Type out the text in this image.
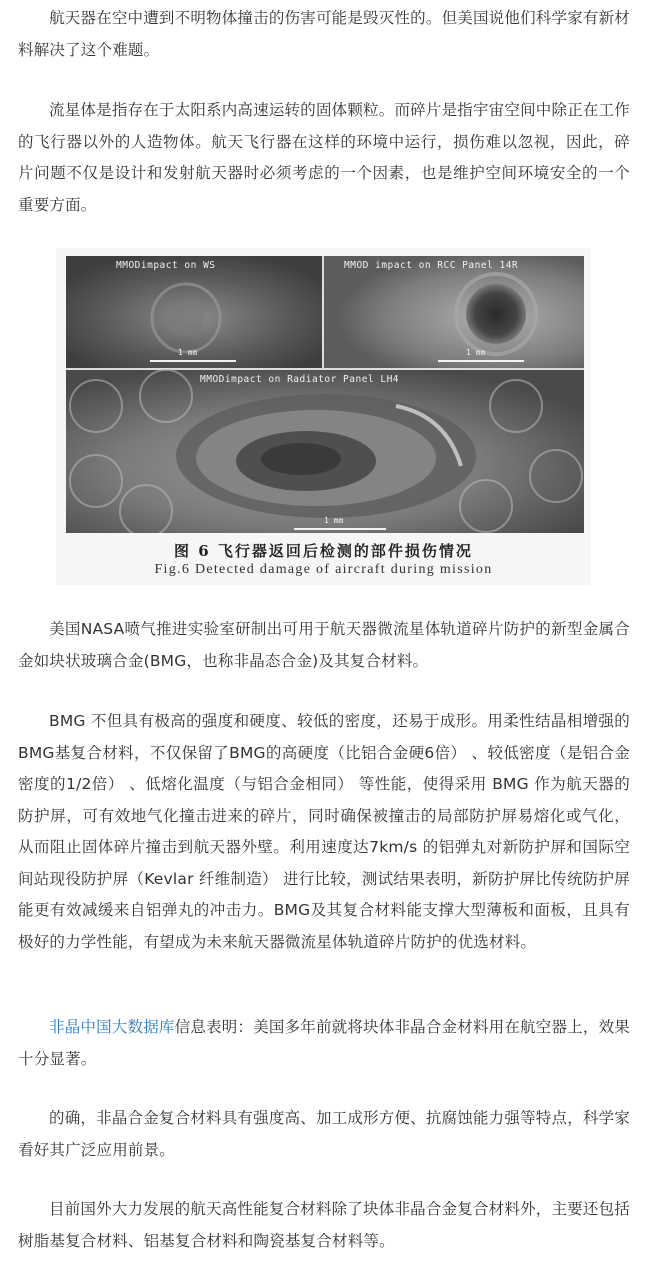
航天器在空中遭到不明物体撞击的伤害可能是毁灭性的。但美国说他们科学家有新材料解决了这个难题。

流星体是指存在于太阳系内高速运转的固体颗粒。而碎片是指宇宙空间中除正在工作的飞行器以外的人造物体。航天飞行器在这样的环境中运行，损伤难以忽视，因此，碎片问题不仅是设计和发射航天器时必须考虑的一个因素，也是维护空间环境安全的一个重要方面。

MMODimpact on WS	MMOD impact on RCC Panel 14R
MMODimpact on Radiator Panel LH4
1 mm	1 mm
1 mm
图 6 飞行器返回后检测的部件损伤情况
Fig.6 Detected damage of aircraft during mission

美国NASA喷气推进实验室研制出可用于航天器微流星体轨道碎片防护的新型金属合金如块状玻璃合金(BMG，也称非晶态合金)及其复合材料。

BMG 不但具有极高的强度和硬度、较低的密度，还易于成形。用柔性结晶相增强的BMG基复合材料，不仅保留了BMG的高硬度（比铝合金硬6倍） 、较低密度（是铝合金密度的1/2倍） 、低熔化温度（与铝合金相同） 等性能，使得采用 BMG 作为航天器的防护屏，可有效地气化撞击进来的碎片，同时确保被撞击的局部防护屏易熔化或气化，从而阻止固体碎片撞击到航天器外壁。利用速度达7km/s 的铝弹丸对新防护屏和国际空间站现役防护屏（Kevlar 纤维制造） 进行比较，测试结果表明，新防护屏比传统防护屏能更有效减缓来自铝弹丸的冲击力。BMG及其复合材料能支撑大型薄板和面板，且具有极好的力学性能，有望成为未来航天器微流星体轨道碎片防护的优选材料。

非晶中国大数据库信息表明：美国多年前就将块体非晶合金材料用在航空器上，效果十分显著。

的确，非晶合金复合材料具有强度高、加工成形方便、抗腐蚀能力强等特点，科学家看好其广泛应用前景。

目前国外大力发展的航天高性能复合材料除了块体非晶合金复合材料外，主要还包括树脂基复合材料、铝基复合材料和陶瓷基复合材料等。
